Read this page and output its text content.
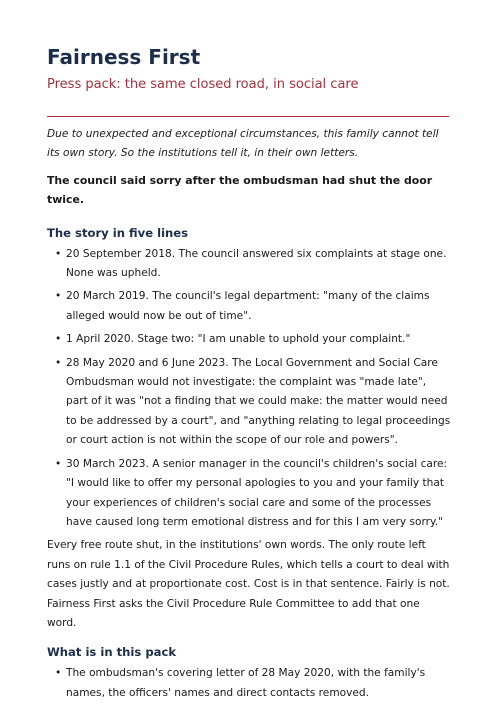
Fairness First

Press pack: the same closed road, in social care

Due to unexpected and exceptional circumstances, this family cannot tell its own story. So the institutions tell it, in their own letters.

The council said sorry after the ombudsman had shut the door twice.

The story in five lines
• 20 September 2018. The council answered six complaints at stage one. None was upheld.
• 20 March 2019. The council's legal department: "many of the claims alleged would now be out of time".
• 1 April 2020. Stage two: "I am unable to uphold your complaint."
• 28 May 2020 and 6 June 2023. The Local Government and Social Care Ombudsman would not investigate: the complaint was "made late", part of it was "not a finding that we could make: the matter would need to be addressed by a court", and "anything relating to legal proceedings or court action is not within the scope of our role and powers".
• 30 March 2023. A senior manager in the council's children's social care: "I would like to offer my personal apologies to you and your family that your experiences of children's social care and some of the processes have caused long term emotional distress and for this I am very sorry."

Every free route shut, in the institutions' own words. The only route left runs on rule 1.1 of the Civil Procedure Rules, which tells a court to deal with cases justly and at proportionate cost. Cost is in that sentence. Fairly is not. Fairness First asks the Civil Procedure Rule Committee to add that one word.

What is in this pack
• The ombudsman's covering letter of 28 May 2020, with the family's names, the officers' names and direct contacts removed.
